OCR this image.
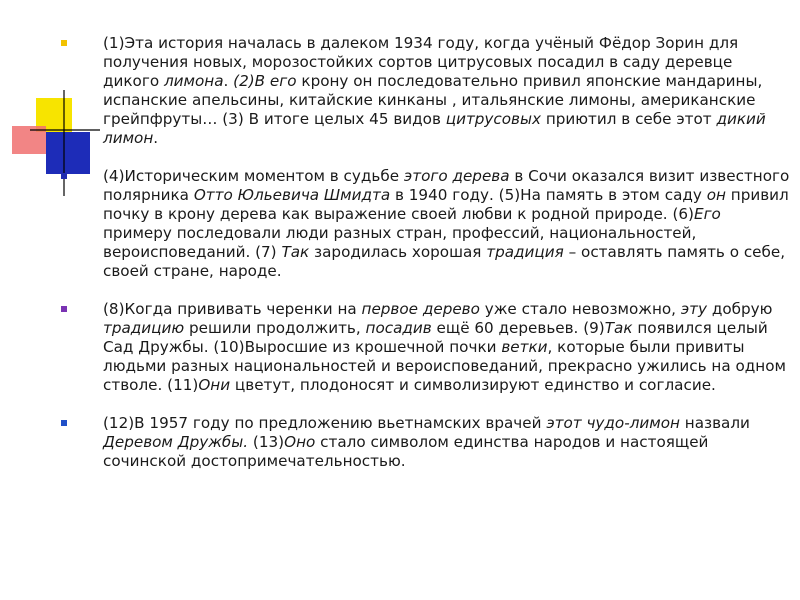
(1)Эта история началась в далеком 1934 году, когда учёный Фёдор Зорин для получения новых, морозостойких сортов цитрусовых посадил в саду деревце дикого лимона. (2)В его крону он последовательно привил японские мандарины, испанские апельсины, китайские кинканы , итальянские лимоны, американские грейпфруты… (3) В итоге целых 45 видов цитрусовых приютил в себе этот дикий лимон.
(4)Историческим моментом в судьбе этого дерева в Сочи оказался визит известного полярника Отто Юльевича Шмидта в 1940 году. (5)На память в этом саду он привил почку в крону дерева как выражение своей любви к родной природе. (6)Его примеру последовали люди разных стран, профессий, национальностей, вероисповеданий. (7) Так зародилась хорошая традиция – оставлять память о себе, своей стране, народе.
(8)Когда прививать черенки на первое дерево уже стало невозможно, эту добрую традицию решили продолжить, посадив ещё 60 деревьев. (9)Так появился целый Сад Дружбы. (10)Выросшие из крошечной почки ветки, которые были привиты людьми разных национальностей и вероисповеданий, прекрасно ужились на одном стволе. (11)Они цветут, плодоносят и символизируют единство и согласие.
(12)В 1957 году по предложению вьетнамских врачей этот чудо-лимон назвали Деревом Дружбы. (13)Оно стало символом единства народов и настоящей сочинской достопримечательностью.
